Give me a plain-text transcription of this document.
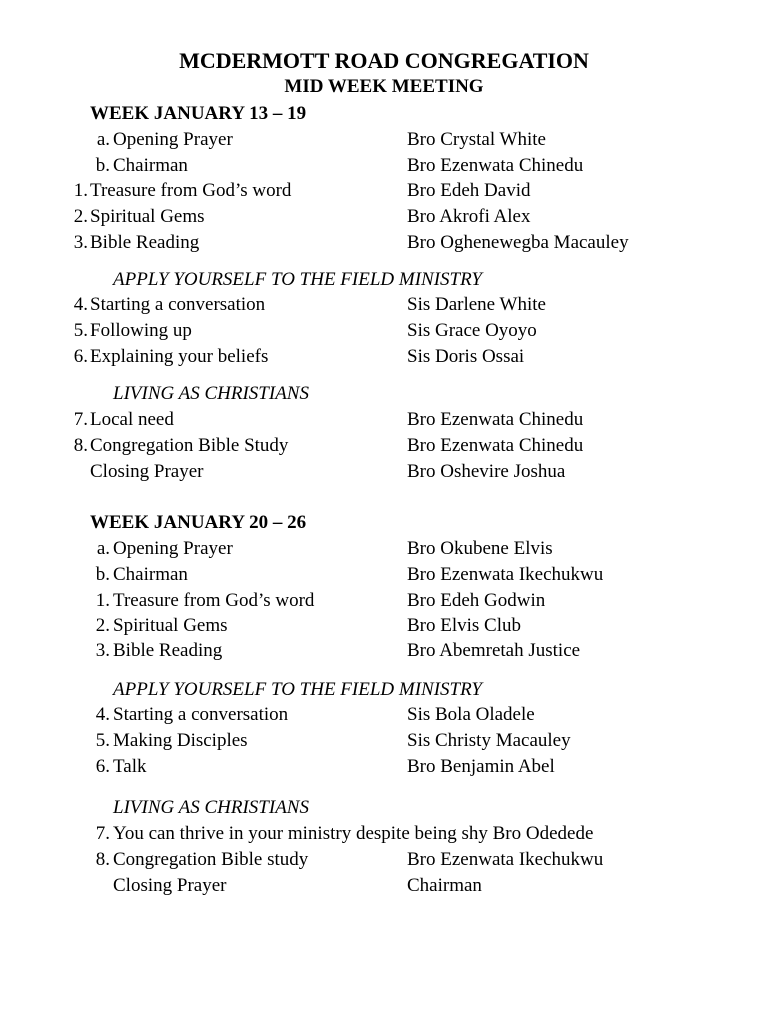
MCDERMOTT ROAD CONGREGATION
MID WEEK MEETING
WEEK JANUARY 13 – 19
a. Opening Prayer	Bro Crystal White
b. Chairman	Bro Ezenwata Chinedu
1. Treasure from God’s word	Bro Edeh David
2. Spiritual Gems	Bro Akrofi Alex
3. Bible Reading	Bro Oghenewegba Macauley
APPLY YOURSELF TO THE FIELD MINISTRY
4. Starting a conversation	Sis Darlene White
5. Following up	Sis Grace Oyoyo
6. Explaining your beliefs	Sis Doris Ossai
LIVING AS CHRISTIANS
7. Local need	Bro Ezenwata Chinedu
8. Congregation Bible Study	Bro Ezenwata Chinedu
Closing Prayer	Bro Oshevire Joshua
WEEK JANUARY 20 – 26
a. Opening Prayer	Bro Okubene Elvis
b. Chairman	Bro Ezenwata Ikechukwu
1. Treasure from God’s word	Bro Edeh Godwin
2. Spiritual Gems	Bro Elvis Club
3. Bible Reading	Bro Abemretah Justice
APPLY YOURSELF TO THE FIELD MINISTRY
4. Starting a conversation	Sis Bola Oladele
5. Making Disciples	Sis Christy Macauley
6. Talk	Bro Benjamin Abel
LIVING AS CHRISTIANS
7. You can thrive in your ministry despite being shy Bro Odedede
8. Congregation Bible study	Bro Ezenwata Ikechukwu
Closing Prayer	Chairman
